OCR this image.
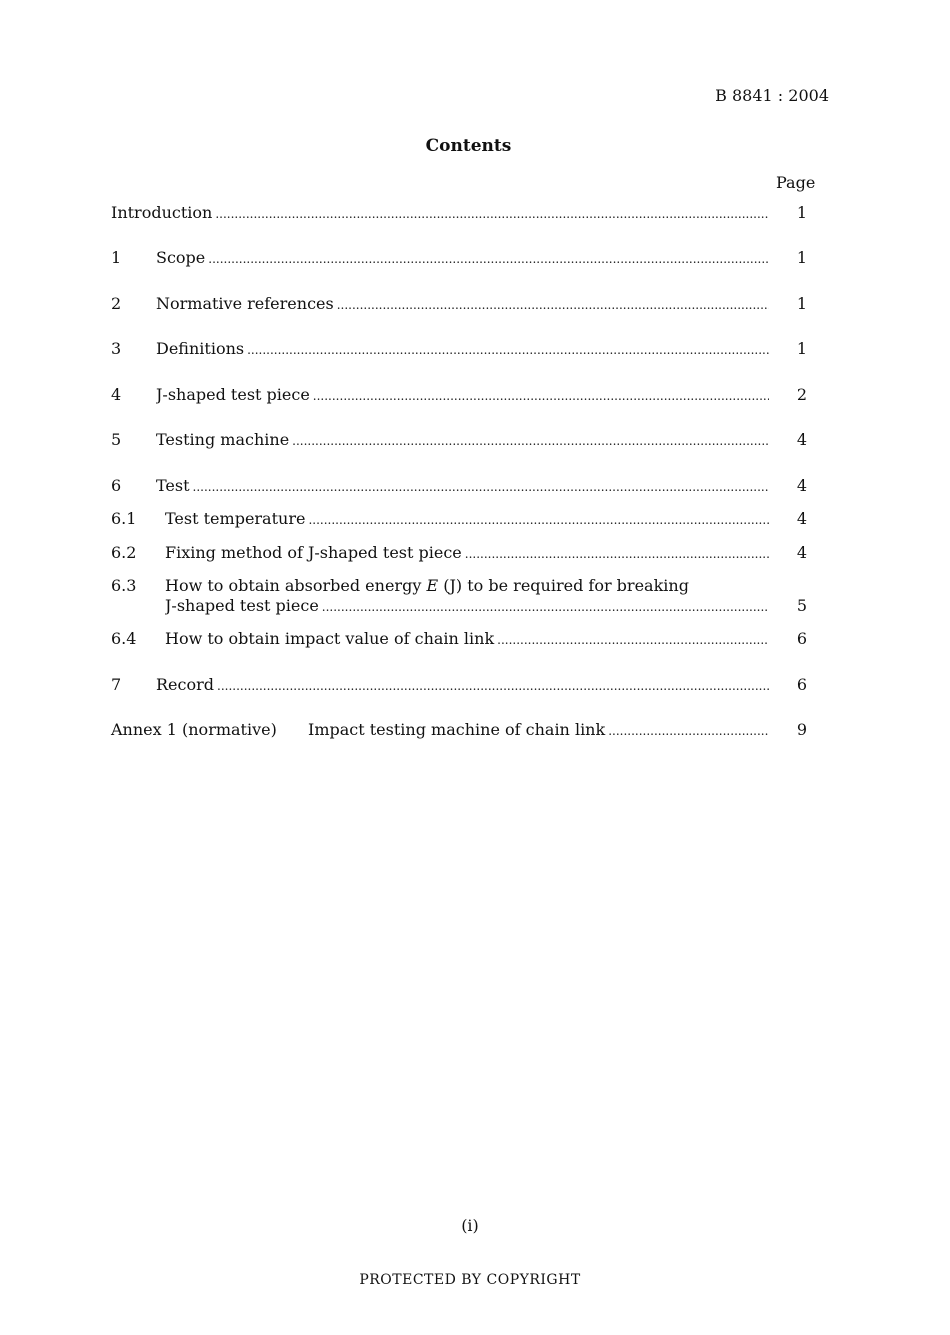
B 8841 : 2004
Contents
Page
Introduction .....	1
1 Scope .....	1
2 Normative references .....	1
3 Definitions .....	1
4 J-shaped test piece .....	2
5 Testing machine .....	4
6 Test .....	4
6.1 Test temperature .....	4
6.2 Fixing method of J-shaped test piece .....	4
6.3 How to obtain absorbed energy E (J) to be required for breaking
J-shaped test piece .....	5
6.4 How to obtain impact value of chain link .....	6
7 Record .....	6
Annex 1 (normative) Impact testing machine of chain link .....	9
(i)
PROTECTED BY COPYRIGHT
